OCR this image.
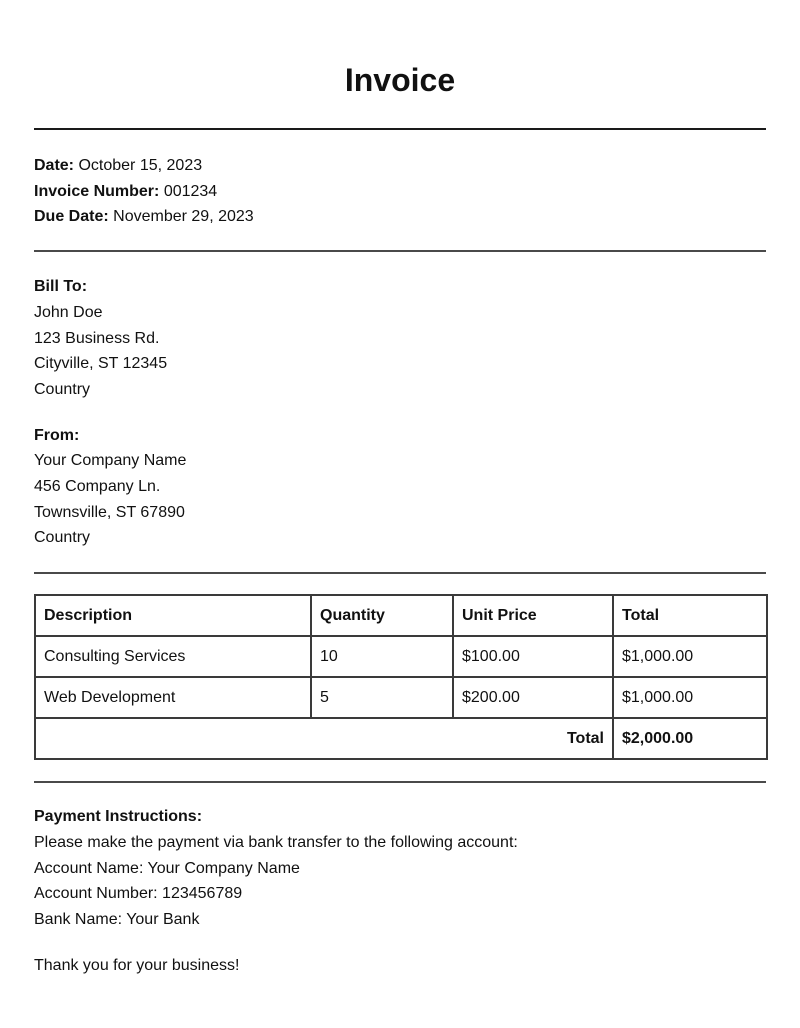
Invoice
Date: October 15, 2023
Invoice Number: 001234
Due Date: November 29, 2023
Bill To:
John Doe
123 Business Rd.
Cityville, ST 12345
Country
From:
Your Company Name
456 Company Ln.
Townsville, ST 67890
Country
Description	Quantity	Unit Price	Total
Consulting Services	10	$100.00	$1,000.00
Web Development	5	$200.00	$1,000.00
Total			$2,000.00
Payment Instructions:
Please make the payment via bank transfer to the following account:
Account Name: Your Company Name
Account Number: 123456789
Bank Name: Your Bank
Thank you for your business!
